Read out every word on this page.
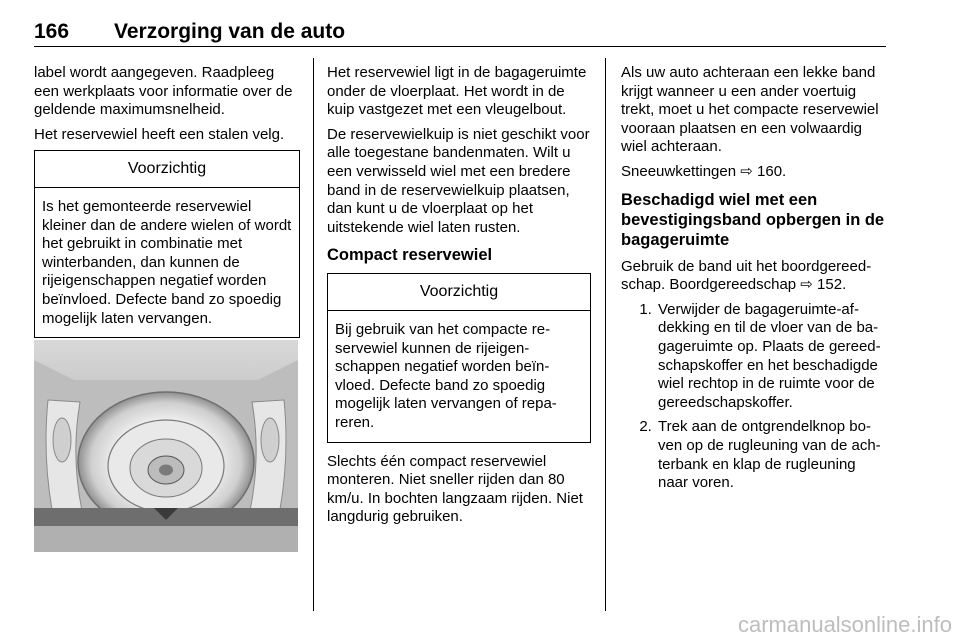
166 Verzorging van de auto

label wordt aangegeven. Raadpleeg een werkplaats voor informatie over de geldende maximumsnelheid.

Het reservewiel heeft een stalen velg.

Voorzichtig
Is het gemonteerde reservewiel kleiner dan de andere wielen of wordt het gebruikt in combinatie met winterbanden, dan kunnen de rijeigenschappen negatief worden beïnvloed. Defecte band zo spoedig mogelijk laten vervangen.

Het reservewiel ligt in de bagageruimte onder de vloerplaat. Het wordt in de kuip vastgezet met een vleugelbout.

De reservewielkuip is niet geschikt voor alle toegestane bandenmaten. Wilt u een verwisseld wiel met een bredere band in de reservewielkuip plaatsen, dan kunt u de vloerplaat op het uitstekende wiel laten rusten.

Compact reservewiel
Voorzichtig
Bij gebruik van het compacte reservewiel kunnen de rijeigenschappen negatief worden beïnvloed. Defecte band zo spoedig mogelijk laten vervangen of repareren.

Slechts één compact reservewiel monteren. Niet sneller rijden dan 80 km/u. In bochten langzaam rijden. Niet langdurig gebruiken.

Als uw auto achteraan een lekke band krijgt wanneer u een ander voertuig trekt, moet u het compacte reservewiel vooraan plaatsen en een volwaardig wiel achteraan.

Sneeuwkettingen ⇨ 160.

Beschadigd wiel met een bevestigingsband opbergen in de bagageruimte

Gebruik de band uit het boordgereedschap. Boordgereedschap ⇨ 152.

1. Verwijder de bagageruimte-afdekking en til de vloer van de bagageruimte op. Plaats de gereedschapskoffer en het beschadigde wiel rechtop in de ruimte voor de gereedschapskoffer.
2. Trek aan de ontgrendelknop boven op de rugleuning van de achterbank en klap de rugleuning naar voren.
carmanualsonline.info
